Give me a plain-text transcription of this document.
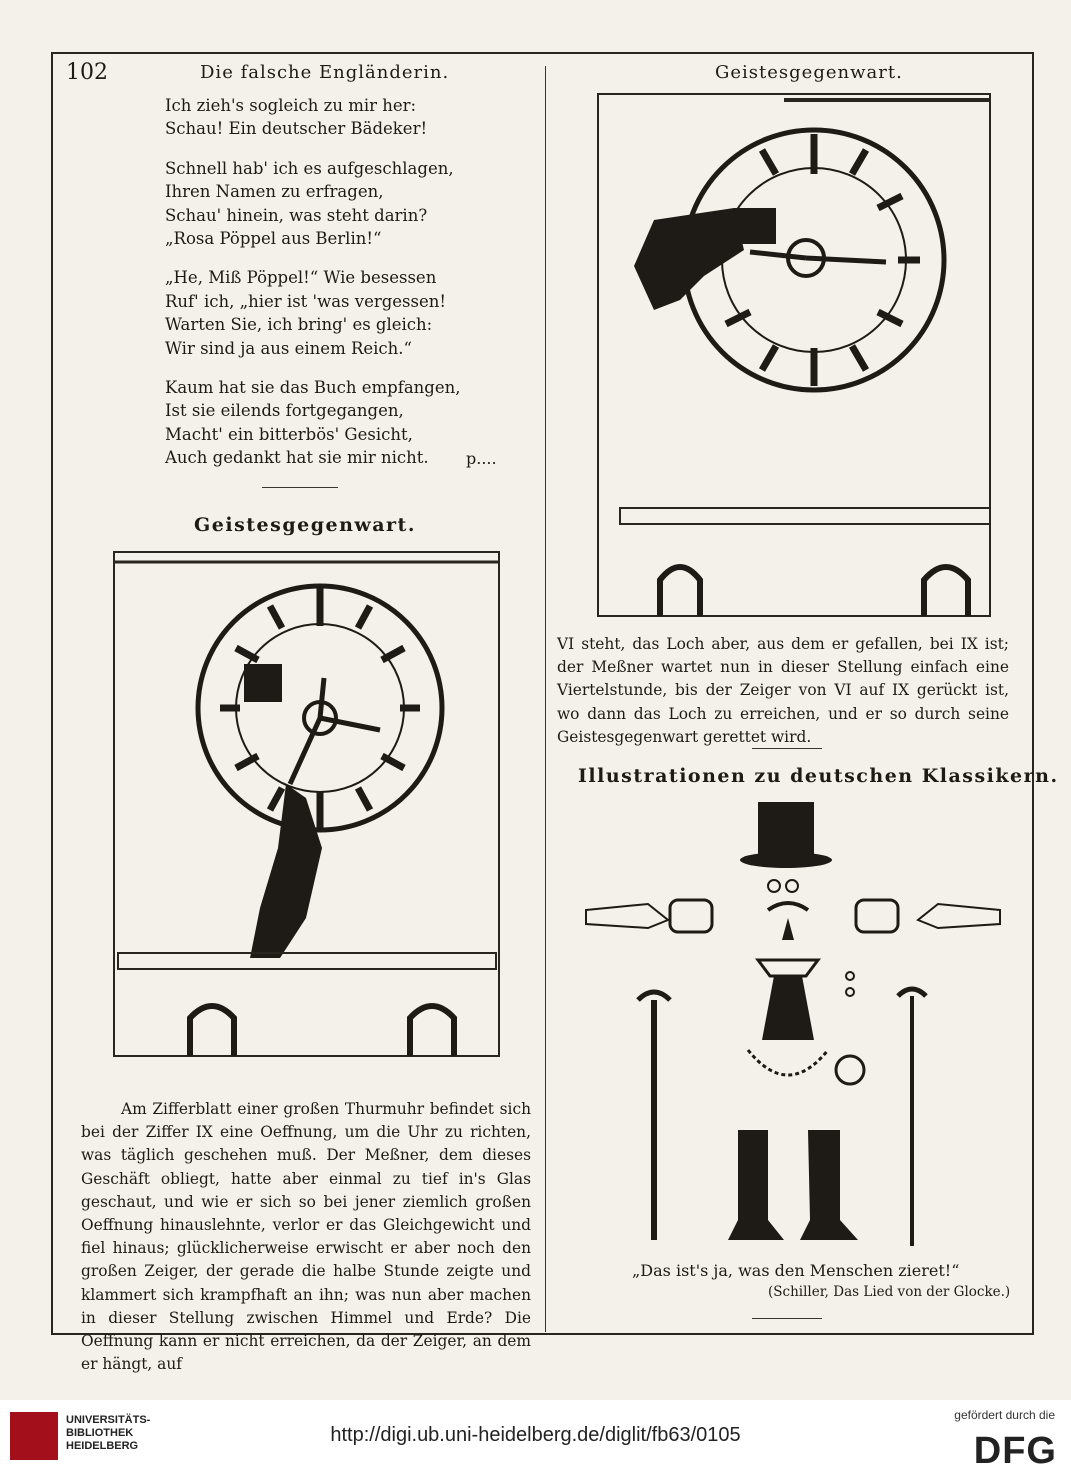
102	Die falsche Engländerin.	Geistesgegenwart.
Ich zieh's sogleich zu mir her:
Schau! Ein deutscher Bädeker!
Schnell hab' ich es aufgeschlagen,
Ihren Namen zu erfragen,
Schau' hinein, was steht darin?
„Rosa Pöppel aus Berlin!“
„He, Miß Pöppel!“ Wie besessen
Ruf' ich, „hier ist 'was vergessen!
Warten Sie, ich bring' es gleich:
Wir sind ja aus einem Reich.“
Kaum hat sie das Buch empfangen,
Ist sie eilends fortgegangen,
Macht' ein bitterbös' Gesicht,
Auch gedankt hat sie mir nicht.	p....
Geistesgegenwart.

Am Zifferblatt einer großen Thurmuhr befindet sich bei der Ziffer IX eine Oeffnung, um die Uhr zu richten, was täglich geschehen muß. Der Meßner, dem dieses Geschäft obliegt, hatte aber einmal zu tief in's Glas geschaut, und wie er sich so bei jener ziemlich großen Oeffnung hinauslehnte, verlor er das Gleichgewicht und fiel hinaus; glücklicherweise erwischt er aber noch den großen Zeiger, der gerade die halbe Stunde zeigte und klammert sich krampfhaft an ihn; was nun aber machen in dieser Stellung zwischen Himmel und Erde? Die Oeffnung kann er nicht erreichen, da der Zeiger, an dem er hängt, auf

VI steht, das Loch aber, aus dem er gefallen, bei IX ist; der Meßner wartet nun in dieser Stellung einfach eine Viertelstunde, bis der Zeiger von VI auf IX gerückt ist, wo dann das Loch zu erreichen, und er so durch seine Geistesgegenwart gerettet wird.

Illustrationen zu deutschen Klassikern.
„Das ist's ja, was den Menschen zieret!“
(Schiller, Das Lied von der Glocke.)
UNIVERSITÄTS-
BIBLIOTHEK
HEIDELBERG	http://digi.ub.uni-heidelberg.de/diglit/fb63/0105
gefördert durch die
DFG
